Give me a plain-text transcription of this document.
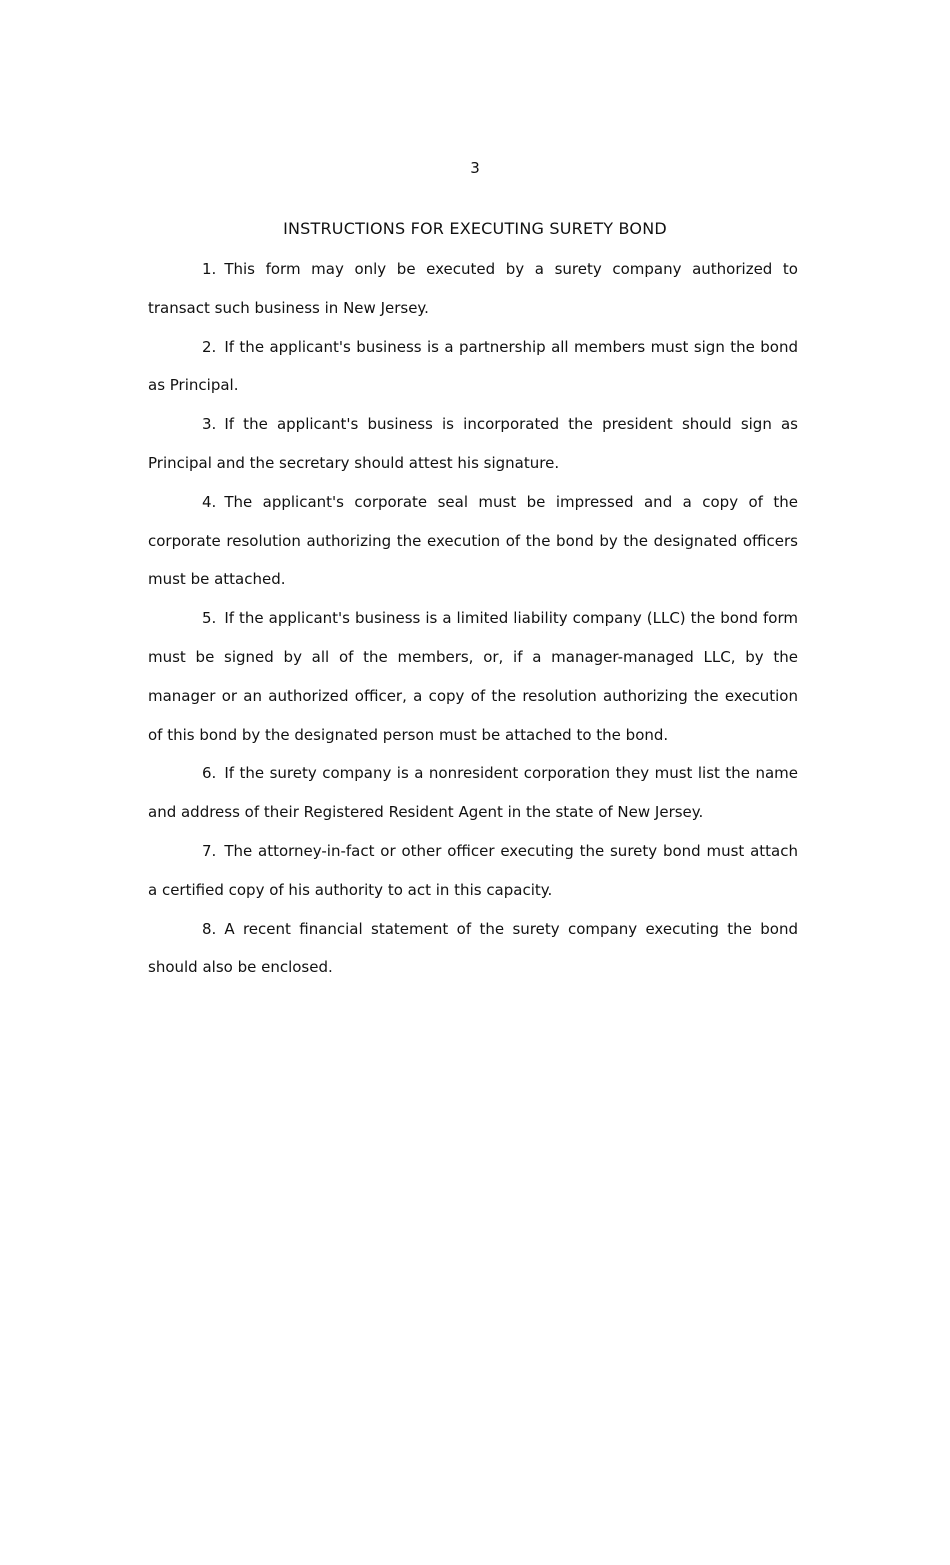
3
INSTRUCTIONS FOR EXECUTING SURETY BOND

1. This form may only be executed by a surety company authorized to transact such business in New Jersey.

2. If the applicant's business is a partnership all members must sign the bond as Principal.

3. If the applicant's business is incorporated the president should sign as Principal and the secretary should attest his signature.

4. The applicant's corporate seal must be impressed and a copy of the corporate resolution authorizing the execution of the bond by the designated officers must be attached.

5. If the applicant's business is a limited liability company (LLC) the bond form must be signed by all of the members, or, if a manager-managed LLC, by the manager or an authorized officer, a copy of the resolution authorizing the execution of this bond by the designated person must be attached to the bond.

6. If the surety company is a nonresident corporation they must list the name and address of their Registered Resident Agent in the state of New Jersey.

7. The attorney-in-fact or other officer executing the surety bond must attach a certified copy of his authority to act in this capacity.

8. A recent financial statement of the surety company executing the bond should also be enclosed.
